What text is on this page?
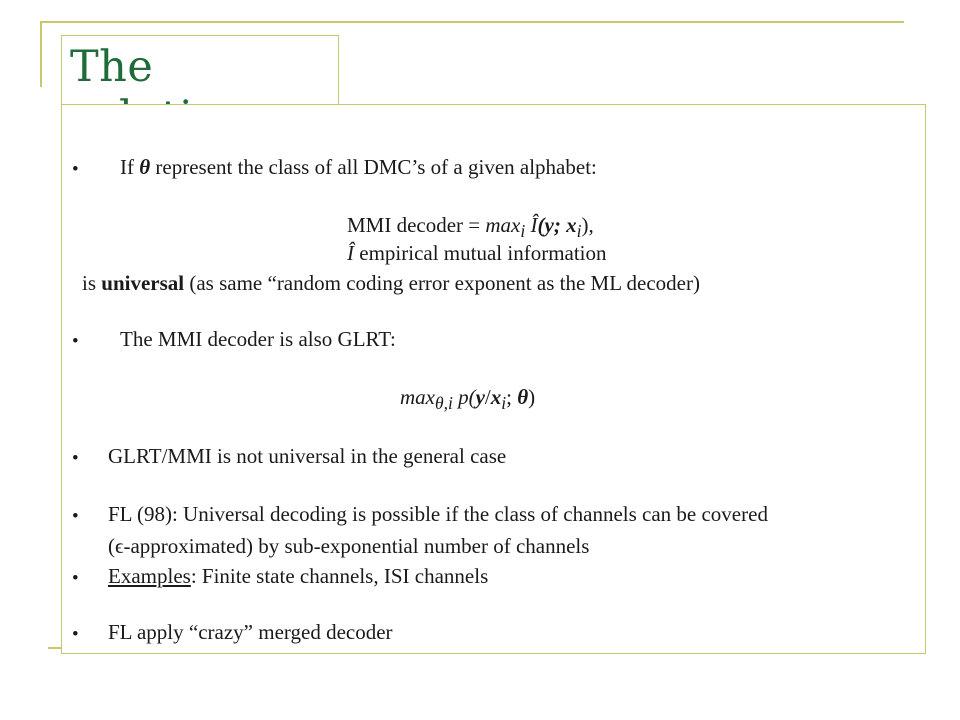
The
• If θ represent the class of all DMC’s of a given alphabet:
MMI decoder = $\max_i$ Î(y; $x_i$),
Î empirical mutual information
is universal (as same “random coding error exponent as the ML decoder)
• The MMI decoder is also GLRT:
$\max_{\theta,i} p(y/x_i$; θ)
• GLRT/MMI is not universal in the general case
• FL (98): Universal decoding is possible if the class of channels can be covered
(ϵ-approximated) by sub-exponential number of channels
• Examples: Finite state channels, ISI channels
• FL apply “crazy” merged decoder
